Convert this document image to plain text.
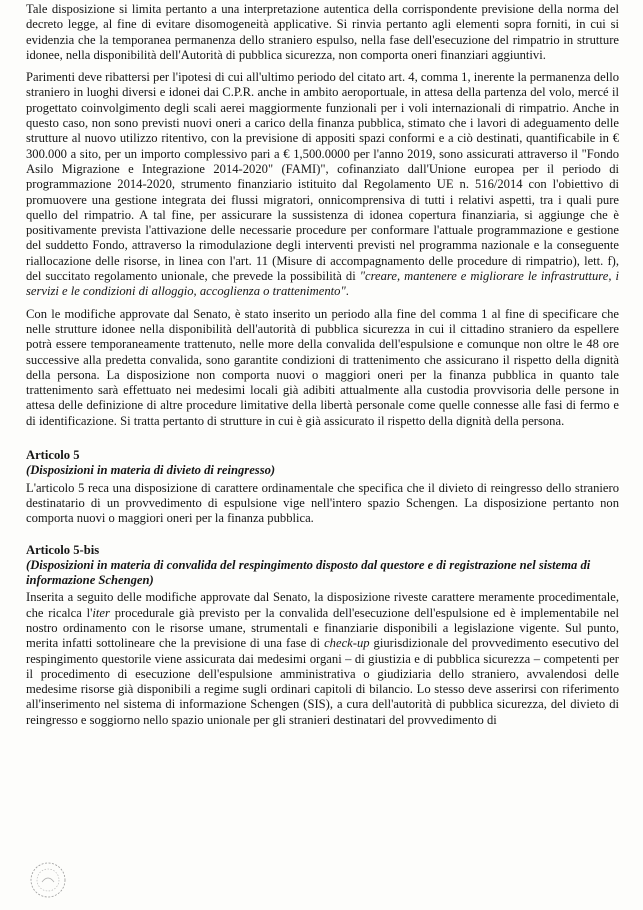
Tale disposizione si limita pertanto a una interpretazione autentica della corrispondente previsione della norma del decreto legge, al fine di evitare disomogeneità applicative. Si rinvia pertanto agli elementi sopra forniti, in cui si evidenzia che la temporanea permanenza dello straniero espulso, nella fase dell'esecuzione del rimpatrio in strutture idonee, nella disponibilità dell'Autorità di pubblica sicurezza, non comporta oneri finanziari aggiuntivi.

Parimenti deve ribattersi per l'ipotesi di cui all'ultimo periodo del citato art. 4, comma 1, inerente la permanenza dello straniero in luoghi diversi e idonei dai C.P.R. anche in ambito aeroportuale, in attesa della partenza del volo, mercé il progettato coinvolgimento degli scali aerei maggiormente funzionali per i voli internazionali di rimpatrio. Anche in questo caso, non sono previsti nuovi oneri a carico della finanza pubblica, stimato che i lavori di adeguamento delle strutture al nuovo utilizzo ritentivo, con la previsione di appositi spazi conformi e a ciò destinati, quantificabile in € 300.000 a sito, per un importo complessivo pari a € 1,500.0000 per l'anno 2019, sono assicurati attraverso il "Fondo Asilo Migrazione e Integrazione 2014-2020" (FAMI)", cofinanziato dall'Unione europea per il periodo di programmazione 2014-2020, strumento finanziario istituito dal Regolamento UE n. 516/2014 con l'obiettivo di promuovere una gestione integrata dei flussi migratori, onnicomprensiva di tutti i relativi aspetti, tra i quali pure quello del rimpatrio. A tal fine, per assicurare la sussistenza di idonea copertura finanziaria, si aggiunge che è positivamente prevista l'attivazione delle necessarie procedure per conformare l'attuale programmazione e gestione del suddetto Fondo, attraverso la rimodulazione degli interventi previsti nel programma nazionale e la conseguente riallocazione delle risorse, in linea con l'art. 11 (Misure di accompagnamento delle procedure di rimpatrio), lett. f), del succitato regolamento unionale, che prevede la possibilità di "creare, mantenere e migliorare le infrastrutture, i servizi e le condizioni di alloggio, accoglienza o trattenimento".

Con le modifiche approvate dal Senato, è stato inserito un periodo alla fine del comma 1 al fine di specificare che nelle strutture idonee nella disponibilità dell'autorità di pubblica sicurezza in cui il cittadino straniero da espellere potrà essere temporaneamente trattenuto, nelle more della convalida dell'espulsione e comunque non oltre le 48 ore successive alla predetta convalida, sono garantite condizioni di trattenimento che assicurano il rispetto della dignità della persona. La disposizione non comporta nuovi o maggiori oneri per la finanza pubblica in quanto tale trattenimento sarà effettuato nei medesimi locali già adibiti attualmente alla custodia provvisoria delle persone in attesa delle definizione di altre procedure limitative della libertà personale come quelle connesse alle fasi di fermo e di identificazione. Si tratta pertanto di strutture in cui è già assicurato il rispetto della dignità della persona.

Articolo 5
(Disposizioni in materia di divieto di reingresso)

L'articolo 5 reca una disposizione di carattere ordinamentale che specifica che il divieto di reingresso dello straniero destinatario di un provvedimento di espulsione vige nell'intero spazio Schengen. La disposizione pertanto non comporta nuovi o maggiori oneri per la finanza pubblica.

Articolo 5-bis
(Disposizioni in materia di convalida del respingimento disposto dal questore e di registrazione nel sistema di informazione Schengen)

Inserita a seguito delle modifiche approvate dal Senato, la disposizione riveste carattere meramente procedimentale, che ricalca l'iter procedurale già previsto per la convalida dell'esecuzione dell'espulsione ed è implementabile nel nostro ordinamento con le risorse umane, strumentali e finanziarie disponibili a legislazione vigente. Sul punto, merita infatti sottolineare che la previsione di una fase di check-up giurisdizionale del provvedimento esecutivo del respingimento questorile viene assicurata dai medesimi organi – di giustizia e di pubblica sicurezza – competenti per il procedimento di esecuzione dell'espulsione amministrativa o giudiziaria dello straniero, avvalendosi delle medesime risorse già disponibili a regime sugli ordinari capitoli di bilancio. Lo stesso deve asserirsi con riferimento all'inserimento nel sistema di informazione Schengen (SIS), a cura dell'autorità di pubblica sicurezza, del divieto di reingresso e soggiorno nello spazio unionale per gli stranieri destinatari del provvedimento di
